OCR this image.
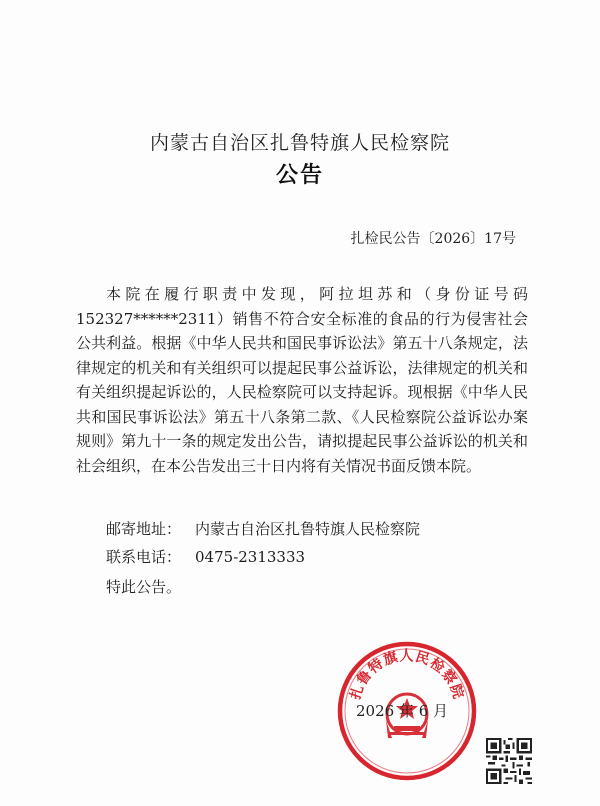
内蒙古自治区扎鲁特旗人民检察院
公告
扎检民公告〔2026〕17号

本院在履行职责中发现，阿拉坦苏和（身份证号码152327******2311）销售不符合安全标准的食品的行为侵害社会公共利益。根据《中华人民共和国民事诉讼法》第五十八条规定，法律规定的机关和有关组织可以提起民事公益诉讼，法律规定的机关和有关组织提起诉讼的，人民检察院可以支持起诉。现根据《中华人民共和国民事诉讼法》第五十八条第二款、《人民检察院公益诉讼办案规则》第九十一条的规定发出公告，请拟提起民事公益诉讼的机关和社会组织，在本公告发出三十日内将有关情况书面反馈本院。

邮寄地址： 内蒙古自治区扎鲁特旗人民检察院
联系电话： 0475-2313333
特此公告。
扎鲁特旗人民检察院
2026 年 6 月
